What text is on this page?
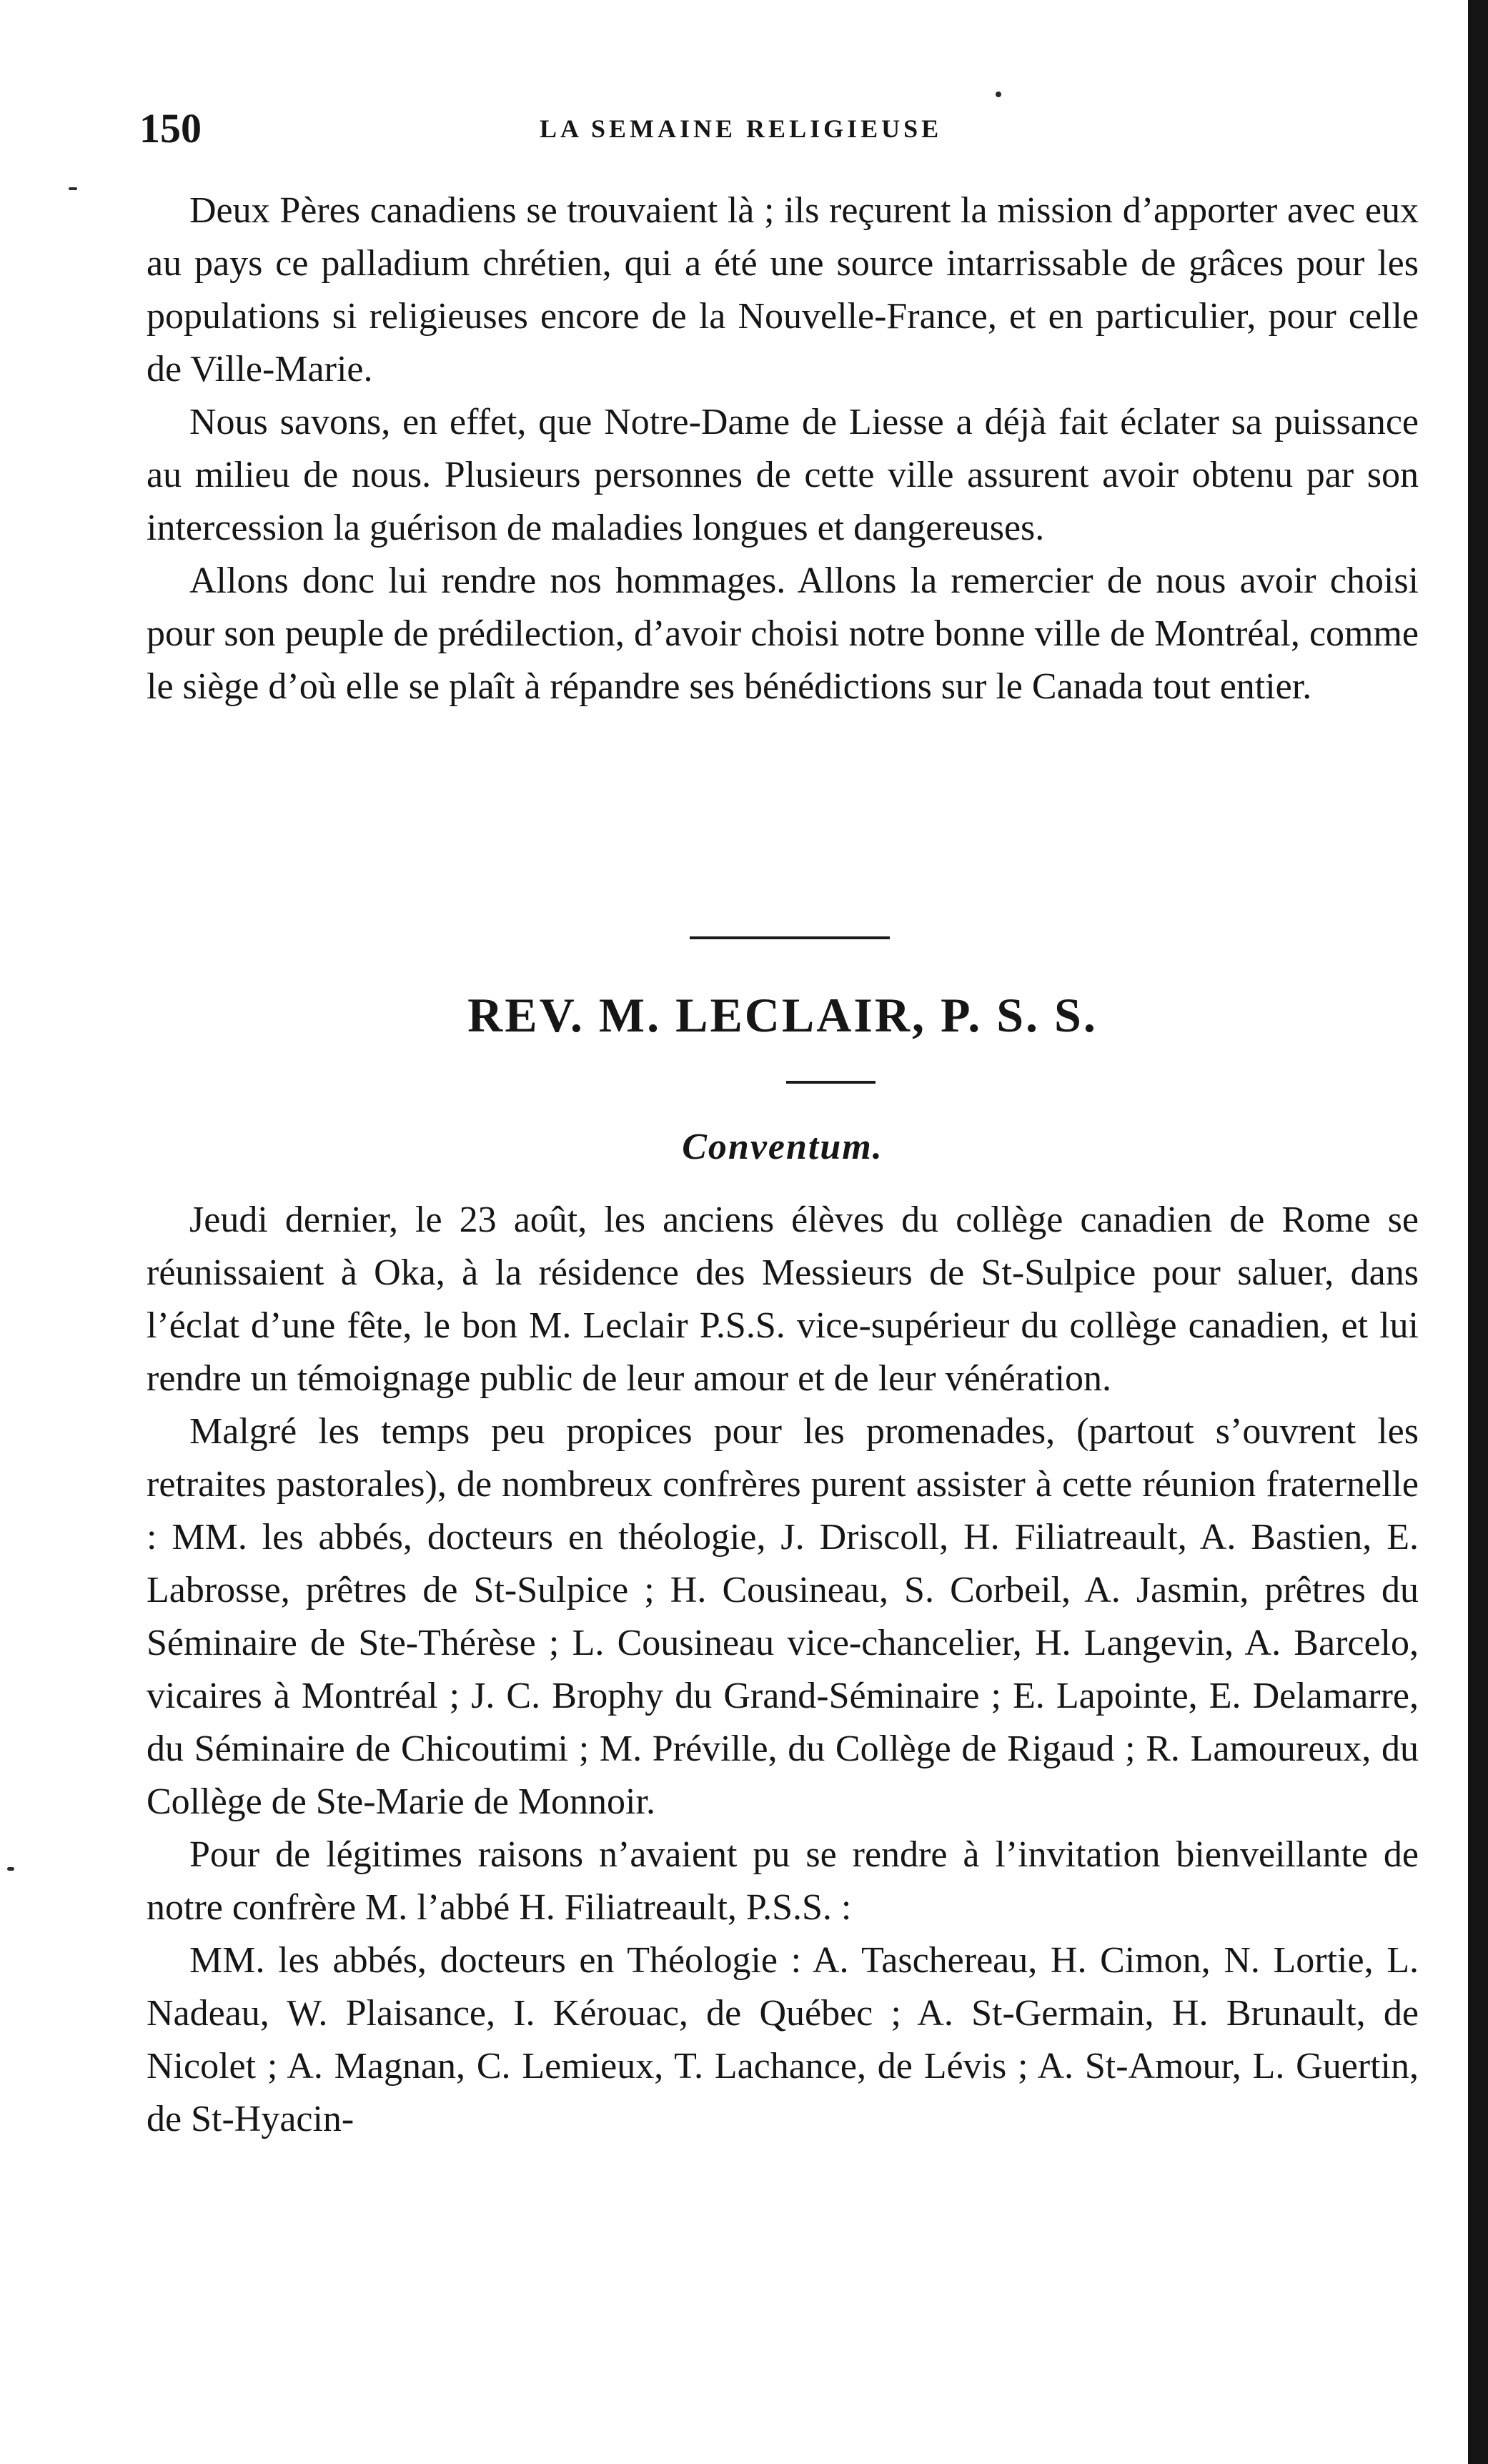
150	LA SEMAINE RELIGIEUSE

Deux Pères canadiens se trouvaient là ; ils reçurent la mission d’apporter avec eux au pays ce palladium chrétien, qui a été une source intarrissable de grâces pour les populations si religieuses encore de la Nouvelle-France, et en particulier, pour celle de Ville-Marie.

Nous savons, en effet, que Notre-Dame de Liesse a déjà fait éclater sa puissance au milieu de nous. Plusieurs personnes de cette ville assurent avoir obtenu par son intercession la guérison de maladies longues et dangereuses.

Allons donc lui rendre nos hommages. Allons la remercier de nous avoir choisi pour son peuple de prédilection, d’avoir choisi notre bonne ville de Montréal, comme le siège d’où elle se plaît à répandre ses bénédictions sur le Canada tout entier.

REV. M. LECLAIR, P. S. S.
Conventum.

Jeudi dernier, le 23 août, les anciens élèves du collège canadien de Rome se réunissaient à Oka, à la résidence des Messieurs de St-Sulpice pour saluer, dans l’éclat d’une fête, le bon M. Leclair P.S.S. vice-supérieur du collège canadien, et lui rendre un témoignage public de leur amour et de leur vénération.

Malgré les temps peu propices pour les promenades, (partout s’ouvrent les retraites pastorales), de nombreux confrères purent assister à cette réunion fraternelle : MM. les abbés, docteurs en théologie, J. Driscoll, H. Filiatreault, A. Bastien, E. Labrosse, prêtres de St-Sulpice ; H. Cousineau, S. Corbeil, A. Jasmin, prêtres du Séminaire de Ste-Thérèse ; L. Cousineau vice-chancelier, H. Langevin, A. Barcelo, vicaires à Montréal ; J. C. Brophy du Grand-Séminaire ; E. Lapointe, E. Delamarre, du Séminaire de Chicoutimi ; M. Préville, du Collège de Rigaud ; R. Lamoureux, du Collège de Ste-Marie de Monnoir.

Pour de légitimes raisons n’avaient pu se rendre à l’invitation bienveillante de notre confrère M. l’abbé H. Filiatreault, P.S.S. :

MM. les abbés, docteurs en Théologie : A. Taschereau, H. Cimon, N. Lortie, L. Nadeau, W. Plaisance, I. Kérouac, de Québec ; A. St-Germain, H. Brunault, de Nicolet ; A. Magnan, C. Lemieux, T. Lachance, de Lévis ; A. St-Amour, L. Guertin, de St-Hyacin-
